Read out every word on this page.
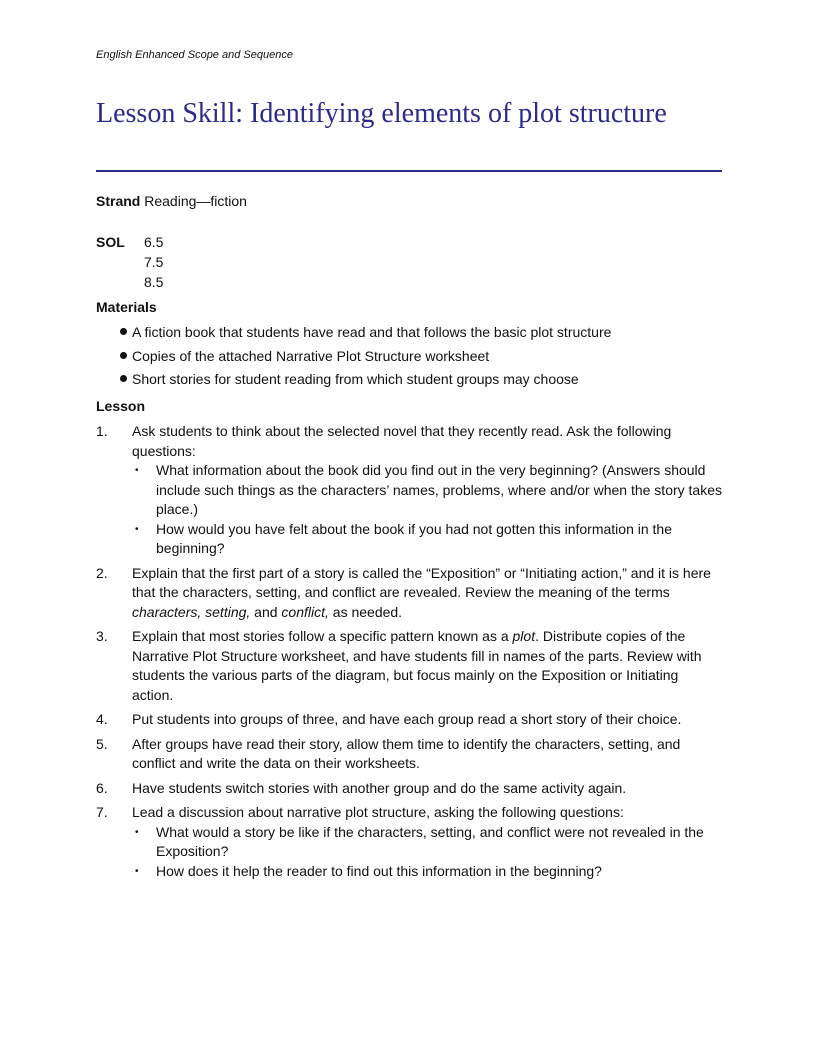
English Enhanced Scope and Sequence
Lesson Skill: Identifying elements of plot structure
Strand Reading—fiction
SOL 6.5
7.5
8.5
Materials
A fiction book that students have read and that follows the basic plot structure
Copies of the attached Narrative Plot Structure worksheet
Short stories for student reading from which student groups may choose
Lesson
1. Ask students to think about the selected novel that they recently read. Ask the following questions:
• What information about the book did you find out in the very beginning? (Answers should include such things as the characters’ names, problems, where and/or when the story takes place.)
• How would you have felt about the book if you had not gotten this information in the beginning?
2. Explain that the first part of a story is called the “Exposition” or “Initiating action,” and it is here that the characters, setting, and conflict are revealed. Review the meaning of the terms characters, setting, and conflict, as needed.
3. Explain that most stories follow a specific pattern known as a plot. Distribute copies of the Narrative Plot Structure worksheet, and have students fill in names of the parts. Review with students the various parts of the diagram, but focus mainly on the Exposition or Initiating action.
4. Put students into groups of three, and have each group read a short story of their choice.
5. After groups have read their story, allow them time to identify the characters, setting, and conflict and write the data on their worksheets.
6. Have students switch stories with another group and do the same activity again.
7. Lead a discussion about narrative plot structure, asking the following questions:
• What would a story be like if the characters, setting, and conflict were not revealed in the Exposition?
• How does it help the reader to find out this information in the beginning?
